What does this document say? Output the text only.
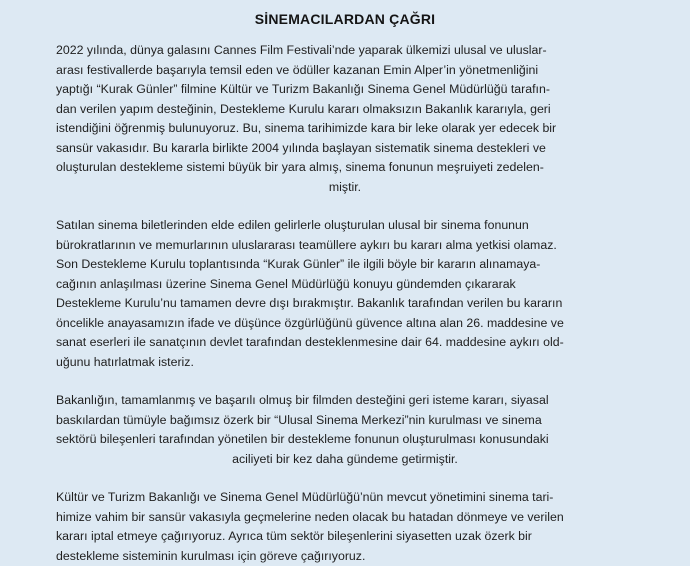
SİNEMACILARDAN ÇAĞRI

2022 yılında, dünya galasını Cannes Film Festivali’nde yaparak ülkemizi ulusal ve uluslar-
arası festivallerde başarıyla temsil eden ve ödüller kazanan Emin Alper’in yönetmenliğini
yaptığı “Kurak Günler” filmine Kültür ve Turizm Bakanlığı Sinema Genel Müdürlüğü tarafın-
dan verilen yapım desteğinin, Destekleme Kurulu kararı olmaksızın Bakanlık kararıyla, geri
istendiğini öğrenmiş bulunuyoruz. Bu, sinema tarihimizde kara bir leke olarak yer edecek bir
sansür vakasıdır. Bu kararla birlikte 2004 yılında başlayan sistematik sinema destekleri ve
oluşturulan destekleme sistemi büyük bir yara almış, sinema fonunun meşruiyeti zedelen-
miştir.

Satılan sinema biletlerinden elde edilen gelirlerle oluşturulan ulusal bir sinema fonunun
bürokratlarının ve memurlarının uluslararası teamüllere aykırı bu kararı alma yetkisi olamaz.
Son Destekleme Kurulu toplantısında “Kurak Günler” ile ilgili böyle bir kararın alınamaya-
cağının anlaşılması üzerine Sinema Genel Müdürlüğü konuyu gündemden çıkararak
Destekleme Kurulu’nu tamamen devre dışı bırakmıştır. Bakanlık tarafından verilen bu kararın
öncelikle anayasamızın ifade ve düşünce özgürlüğünü güvence altına alan 26. maddesine ve
sanat eserleri ile sanatçının devlet tarafından desteklenmesine dair 64. maddesine aykırı old-
uğunu hatırlatmak isteriz.

Bakanlığın, tamamlanmış ve başarılı olmuş bir filmden desteğini geri isteme kararı, siyasal
baskılardan tümüyle bağımsız özerk bir “Ulusal Sinema Merkezi”nin kurulması ve sinema
sektörü bileşenleri tarafından yönetilen bir destekleme fonunun oluşturulması konusundaki
aciliyeti bir kez daha gündeme getirmiştir.

Kültür ve Turizm Bakanlığı ve Sinema Genel Müdürlüğü’nün mevcut yönetimini sinema tari-
himize vahim bir sansür vakasıyla geçmelerine neden olacak bu hatadan dönmeye ve verilen
kararı iptal etmeye çağırıyoruz. Ayrıca tüm sektör bileşenlerini siyasetten uzak özerk bir
destekleme sisteminin kurulması için göreve çağırıyoruz.
